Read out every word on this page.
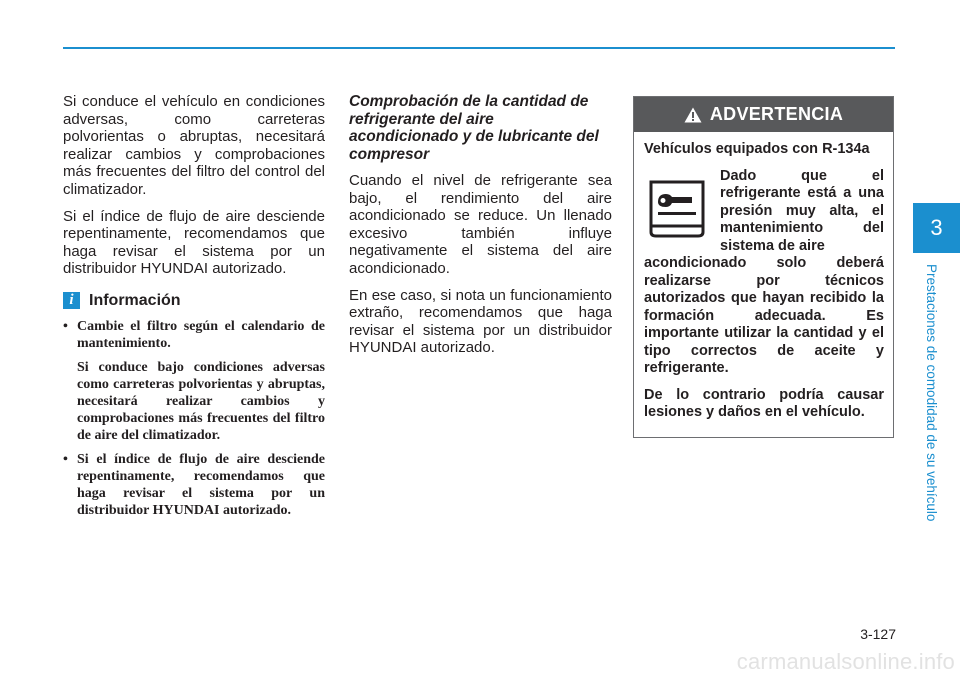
Si conduce el vehículo en condiciones adversas, como carreteras polvorientas o abruptas, necesitará realizar cambios y comprobaciones más frecuentes del filtro del control del climatizador.

Si el índice de flujo de aire desciende repentinamente, recomendamos que haga revisar el sistema por un distribuidor HYUNDAI autorizado.

i Información
• Cambie el filtro según el calendario de mantenimiento.
Si conduce bajo condiciones adversas como carreteras polvorientas y abruptas, necesitará realizar cambios y comprobaciones más frecuentes del filtro de aire del climatizador.
• Si el índice de flujo de aire desciende repentinamente, recomendamos que haga revisar el sistema por un distribuidor HYUNDAI autorizado.
Comprobación de la cantidad de refrigerante del aire acondicionado y de lubricante del compresor

Cuando el nivel de refrigerante sea bajo, el rendimiento del aire acondicionado se reduce. Un llenado excesivo también influye negativamente el sistema del aire acondicionado.

En ese caso, si nota un funcionamiento extraño, recomendamos que haga revisar el sistema por un distribuidor HYUNDAI autorizado.

ADVERTENCIA

Vehículos equipados con R-134a

Dado que el refrigerante está a una presión muy alta, el mantenimiento del sistema de aire

acondicionado solo deberá realizarse por técnicos autorizados que hayan recibido la formación adecuada. Es importante utilizar la cantidad y el tipo correctos de aceite y refrigerante.

De lo contrario podría causar lesiones y daños en el vehículo.

3
Prestaciones de comodidad de su vehículo
3-127
carmanualsonline.info
